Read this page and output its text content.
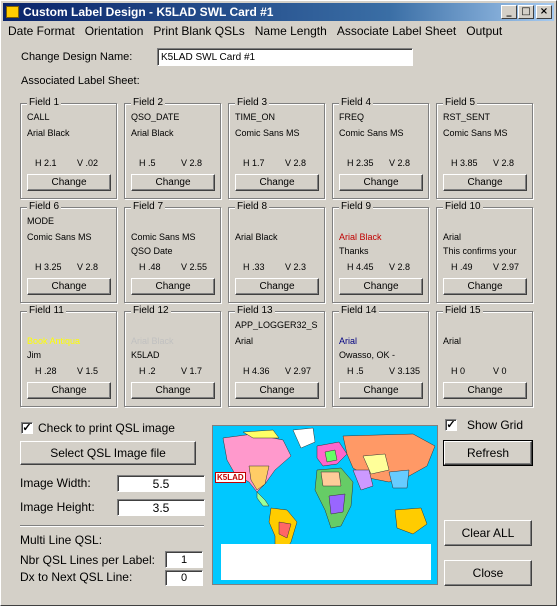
Custom Label Design - K5LAD SWL Card #1	_ □ ×
Date Format Orientation Print Blank QSLs Name Length Associate Label Sheet Output
Change Design Name:
K5LAD SWL Card #1
Associated Label Sheet:
Field 1
CALL
Arial Black
H 2.1 V .02
Change
Field 2
QSO_DATE
Arial Black
H .5	V 2.8
Change
Field 3
TIME_ON
Comic Sans MS
H 1.7 V 2.8
Change
Field 4
FREQ
Comic Sans MS
H 2.35 V 2.8
Change
Field 5
RST_SENT
Comic Sans MS
H 3.85 V 2.8
Change
Field 6
MODE
Comic Sans MS
H 3.25 V 2.8
Change
Field 7
Comic Sans MS
QSO Date
H .48 V 2.55
Change
Field 8
Arial Black
H .33 V 2.3
Change
Field 9
Arial Black
Thanks
H 4.45 V 2.8
Change
Field 10
Arial
This confirms your
H .49 V 2.97
Change
Field 11
Book Antiqua
Jim
H .28 V 1.5
Change
Field 12
Arial Black
K5LAD
H .2	V 1.7
Change
Field 13
APP_LOGGER32_S
Arial
H 4.36 V 2.97
Change
Field 14
Arial
Owasso, OK -
H .5	V 3.135
Change
Field 15
Arial
H 0	V 0
Change
✓ Check to print QSL image
Select QSL Image file
Image Width:
5.5
Image Height:
3.5
Multi Line QSL:
Nbr QSL Lines per Label:
1
Dx to Next QSL Line:
0
K5LAD
✓ Show Grid
Refresh
Clear ALL
Close
